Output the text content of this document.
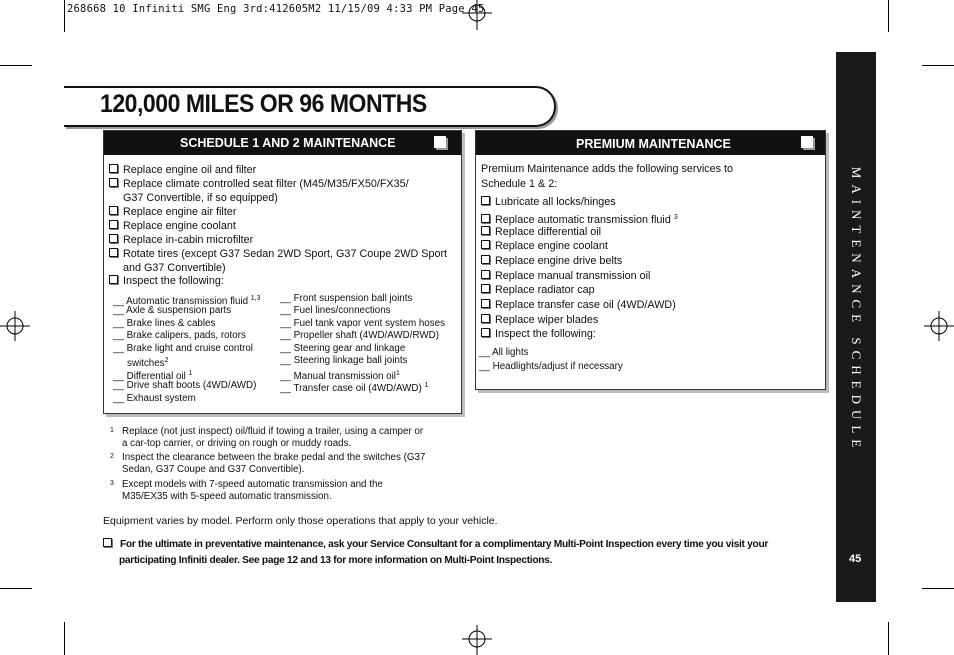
268668 10 Infiniti SMG Eng 3rd:412605M2 11/15/09 4:33 PM Page 45
120,000 MILES OR 96 MONTHS
SCHEDULE 1 AND 2 MAINTENANCE
Replace engine oil and filter
Replace climate controlled seat filter (M45/M35/FX50/FX35/
G37 Convertible, if so equipped)
Replace engine air filter
Replace engine coolant
Replace in-cabin microfilter
Rotate tires (except G37 Sedan 2WD Sport, G37 Coupe 2WD Sport
and G37 Convertible)
Inspect the following:
__ Automatic transmission fluid $^{1,3}$
__ Axle & suspension parts
__ Brake lines & cables
__ Brake calipers, pads, rotors
__ Brake light and cruise control
switches$^2$
__ Differential oil $^1$
__ Drive shaft boots (4WD/AWD)
__ Exhaust system
__ Front suspension ball joints
__ Fuel lines/connections
__ Fuel tank vapor vent system hoses
__ Propeller shaft (4WD/AWD/RWD)
__ Steering gear and linkage
__ Steering linkage ball joints
__ Manual transmission oil$^1$
__ Transfer case oil (4WD/AWD) $^1$
PREMIUM MAINTENANCE
Premium Maintenance adds the following services to
Schedule 1 & 2:
Lubricate all locks/hinges
Replace automatic transmission fluid $^3$
Replace differential oil
Replace engine coolant
Replace engine drive belts
Replace manual transmission oil
Replace radiator cap
Replace transfer case oil (4WD/AWD)
Replace wiper blades
Inspect the following:
__ All lights
__ Headlights/adjust if necessary
1 Replace (not just inspect) oil/fluid if towing a trailer, using a camper or
a car-top carrier, or driving on rough or muddy roads.
2 Inspect the clearance between the brake pedal and the switches (G37
Sedan, G37 Coupe and G37 Convertible).
3 Except models with 7-speed automatic transmission and the
M35/EX35 with 5-speed automatic transmission.
Equipment varies by model. Perform only those operations that apply to your vehicle.
For the ultimate in preventative maintenance, ask your Service Consultant for a complimentary Multi-Point Inspection every time you visit your
participating Infiniti dealer. See page 12 and 13 for more information on Multi-Point Inspections.
MAINTENANCE SCHEDULE
45
